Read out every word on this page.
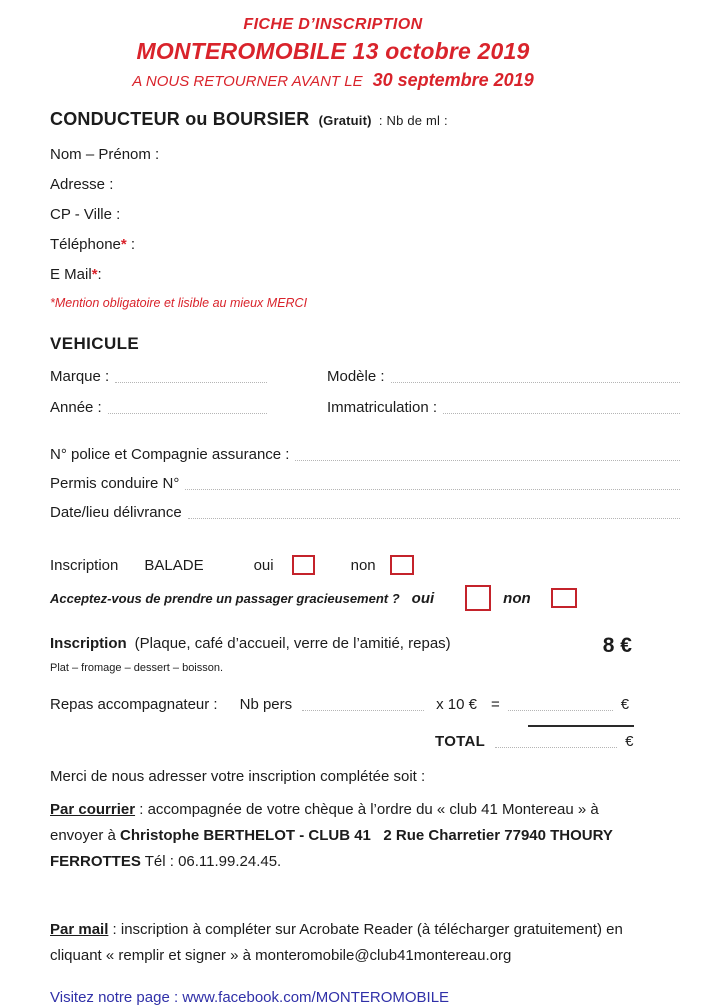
FICHE D’INSCRIPTION
MONTEROMOBILE 13 octobre 2019
A NOUS RETOURNER AVANT LE 30 septembre 2019
CONDUCTEUR ou BOURSIER (Gratuit) : Nb de ml :
Nom – Prénom :
Adresse :
CP - Ville :
Téléphone* :
E Mail*:
*Mention obligatoire et lisible au mieux MERCI
VEHICULE
Marque :	Modèle :
Année :	Immatriculation :
N° police et Compagnie assurance :
Permis conduire N°
Date/lieu délivrance
Inscription BALADE	oui	non
Acceptez-vous de prendre un passager gracieusement ? oui	non
Inscription (Plaque, café d’accueil, verre de l’amitié, repas)	8 €
Plat – fromage – dessert – boisson.
Repas accompagnateur : Nb pers	x 10 € =	€
TOTAL	€
Merci de nous adresser votre inscription complétée soit :
Par courrier : accompagnée de votre chèque à l’ordre du « club 41 Montereau » à envoyer à Christophe BERTHELOT - CLUB 41   2 Rue Charretier 77940 THOURY FERROTTES Tél : 06.11.99.24.45.
Par mail : inscription à compléter sur Acrobate Reader (à télécharger gratuitement) en cliquant « remplir et signer » à monteromobile@club41montereau.org
Visitez notre page : www.facebook.com/MONTEROMOBILE
